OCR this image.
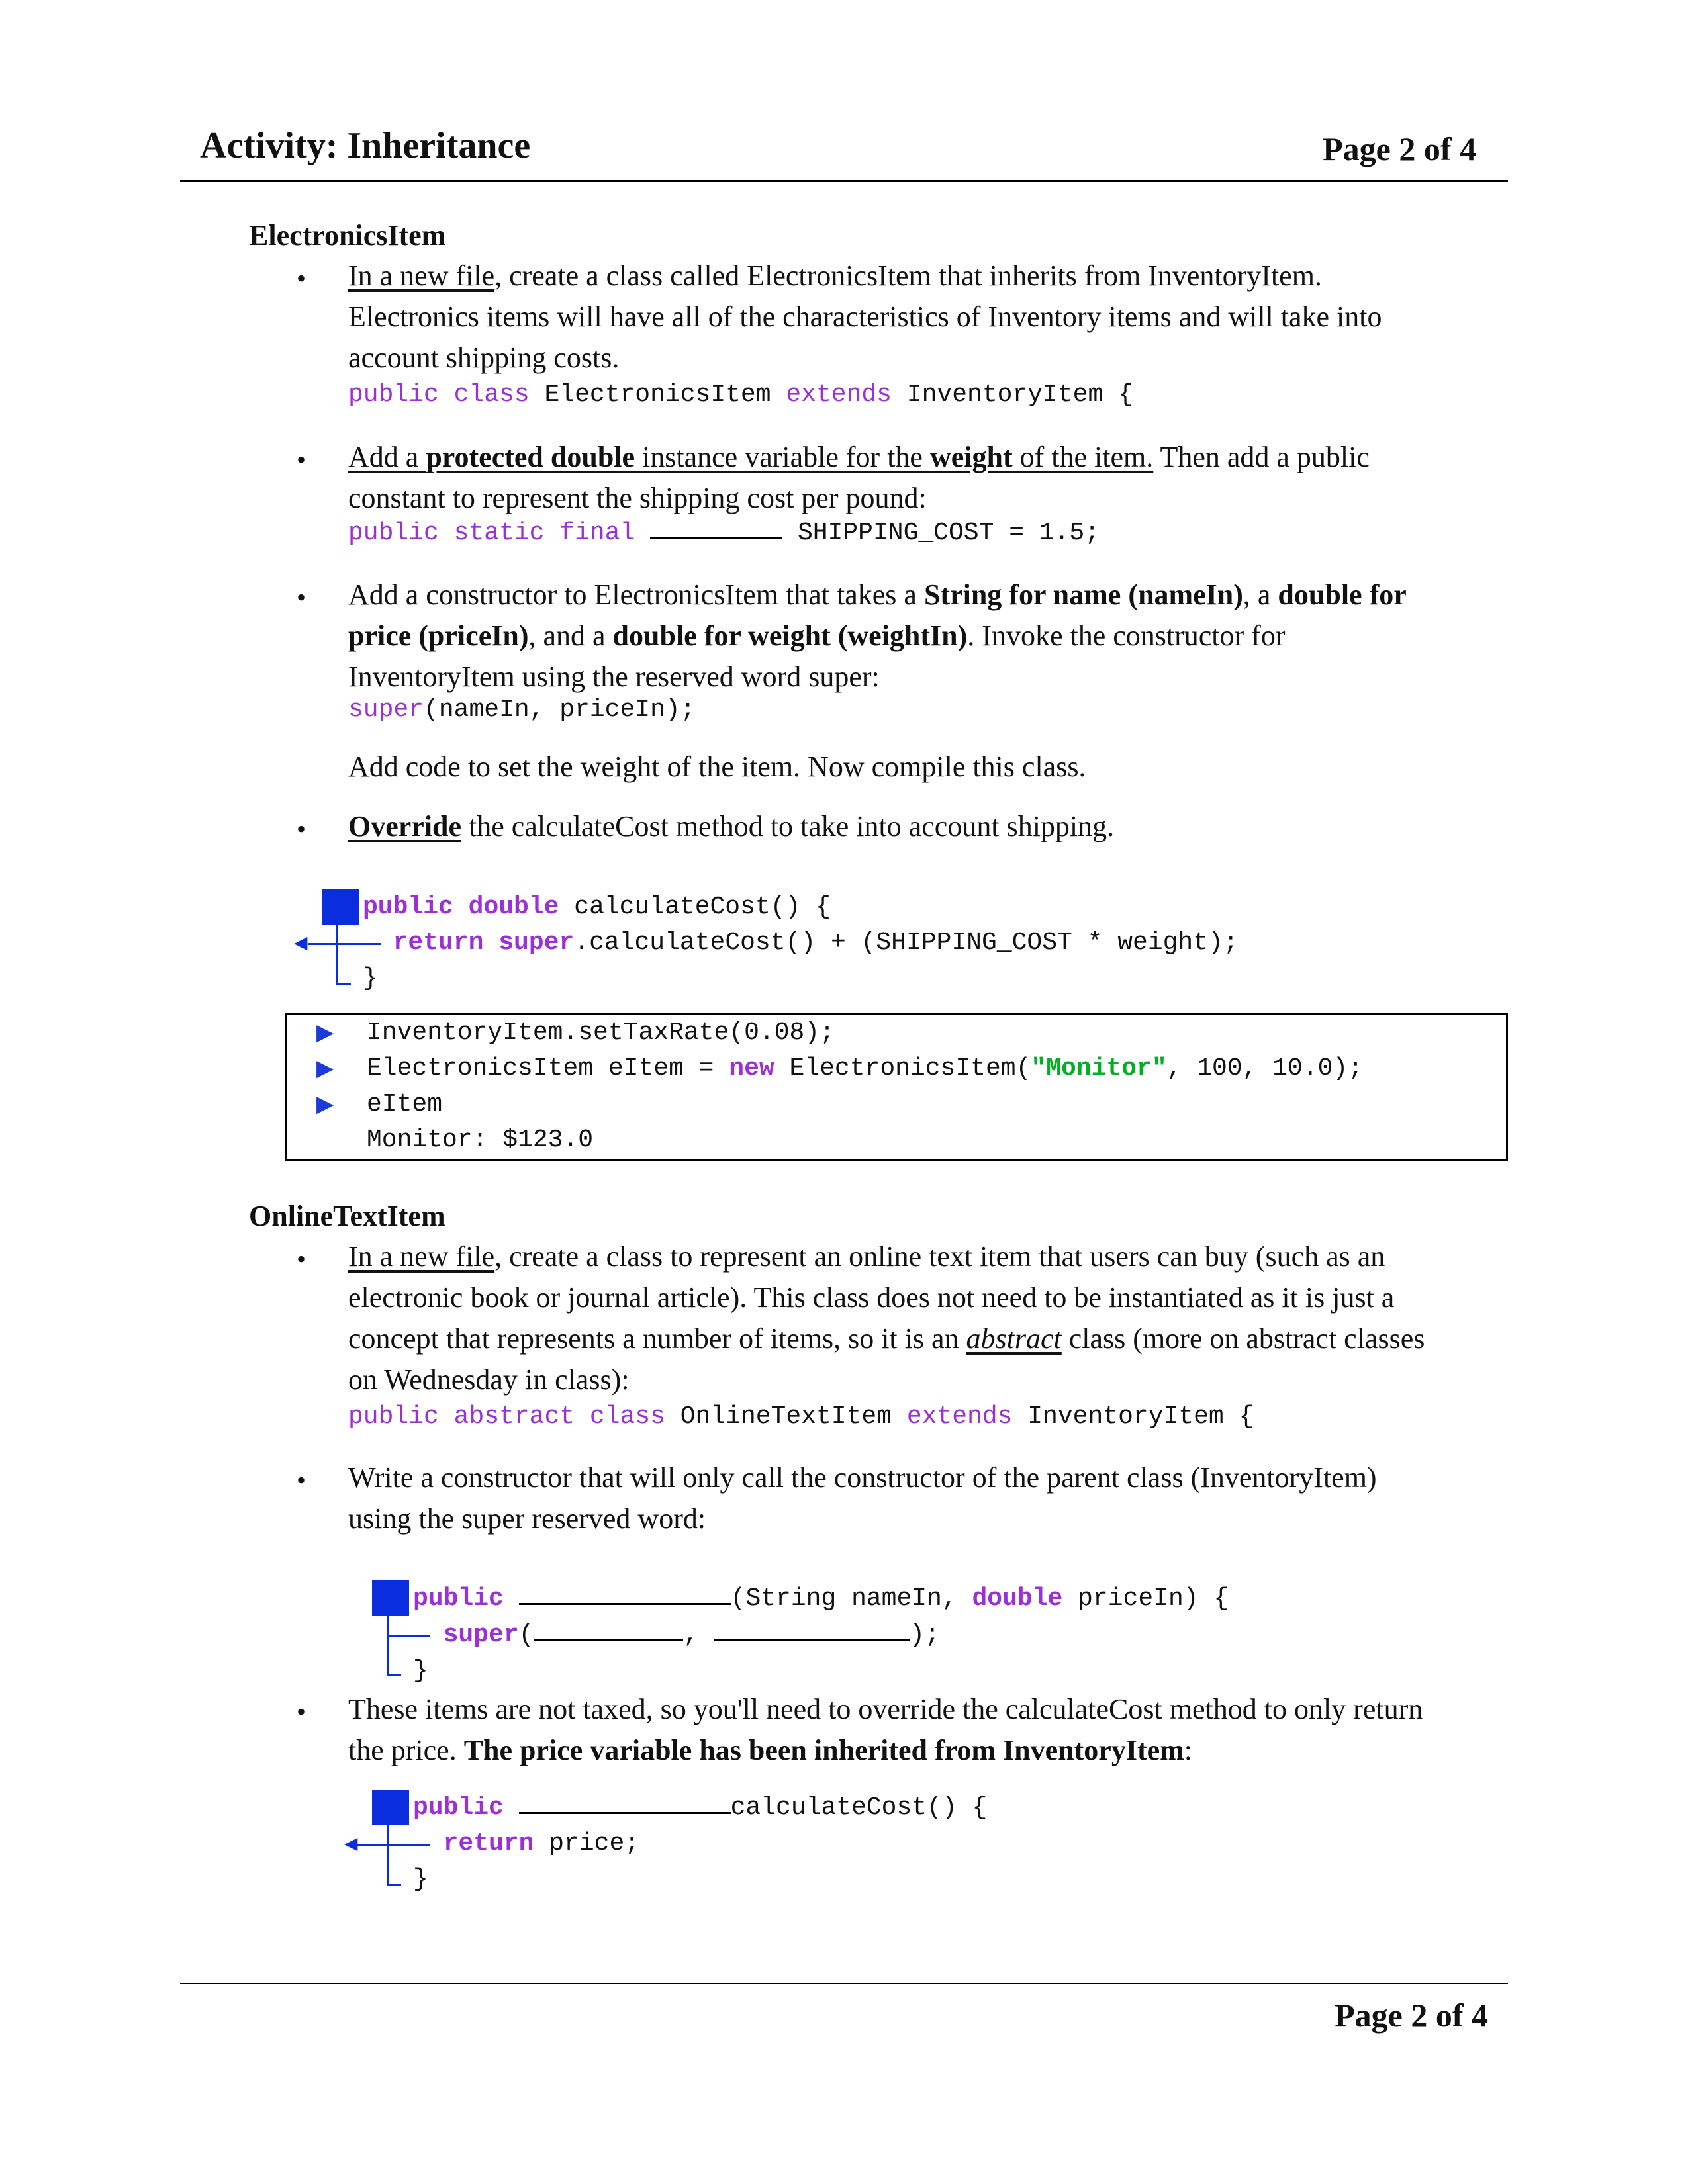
Activity: Inheritance	Page 2 of 4
ElectronicsItem
• In a new file, create a class called ElectronicsItem that inherits from InventoryItem.
Electronics items will have all of the characteristics of Inventory items and will take into
account shipping costs.
public class ElectronicsItem extends InventoryItem {
• Add a protected double instance variable for the weight of the item. Then add a public
constant to represent the shipping cost per pound:
public static final	SHIPPING_COST = 1.5;
• Add a constructor to ElectronicsItem that takes a String for name (nameIn), a double for
price (priceIn), and a double for weight (weightIn). Invoke the constructor for
InventoryItem using the reserved word super:
super(nameIn, priceIn);
Add code to set the weight of the item. Now compile this class.
• Override the calculateCost method to take into account shipping.
◀
public double calculateCost() {
return super.calculateCost() + (SHIPPING_COST * weight);
}
▶
▶
▶
InventoryItem.setTaxRate(0.08);
ElectronicsItem eItem = new ElectronicsItem("Monitor", 100, 10.0);
eItem
Monitor: $123.0
OnlineTextItem
• In a new file, create a class to represent an online text item that users can buy (such as an
electronic book or journal article). This class does not need to be instantiated as it is just a
concept that represents a number of items, so it is an abstract class (more on abstract classes
on Wednesday in class):
public abstract class OnlineTextItem extends InventoryItem {
• Write a constructor that will only call the constructor of the parent class (InventoryItem)
using the super reserved word:
public	(String nameIn, double priceIn) {
super(	,	);
}
• These items are not taxed, so you'll need to override the calculateCost method to only return
the price. The price variable has been inherited from InventoryItem:
◀
public	calculateCost() {
return price;
}
Page 2 of 4
